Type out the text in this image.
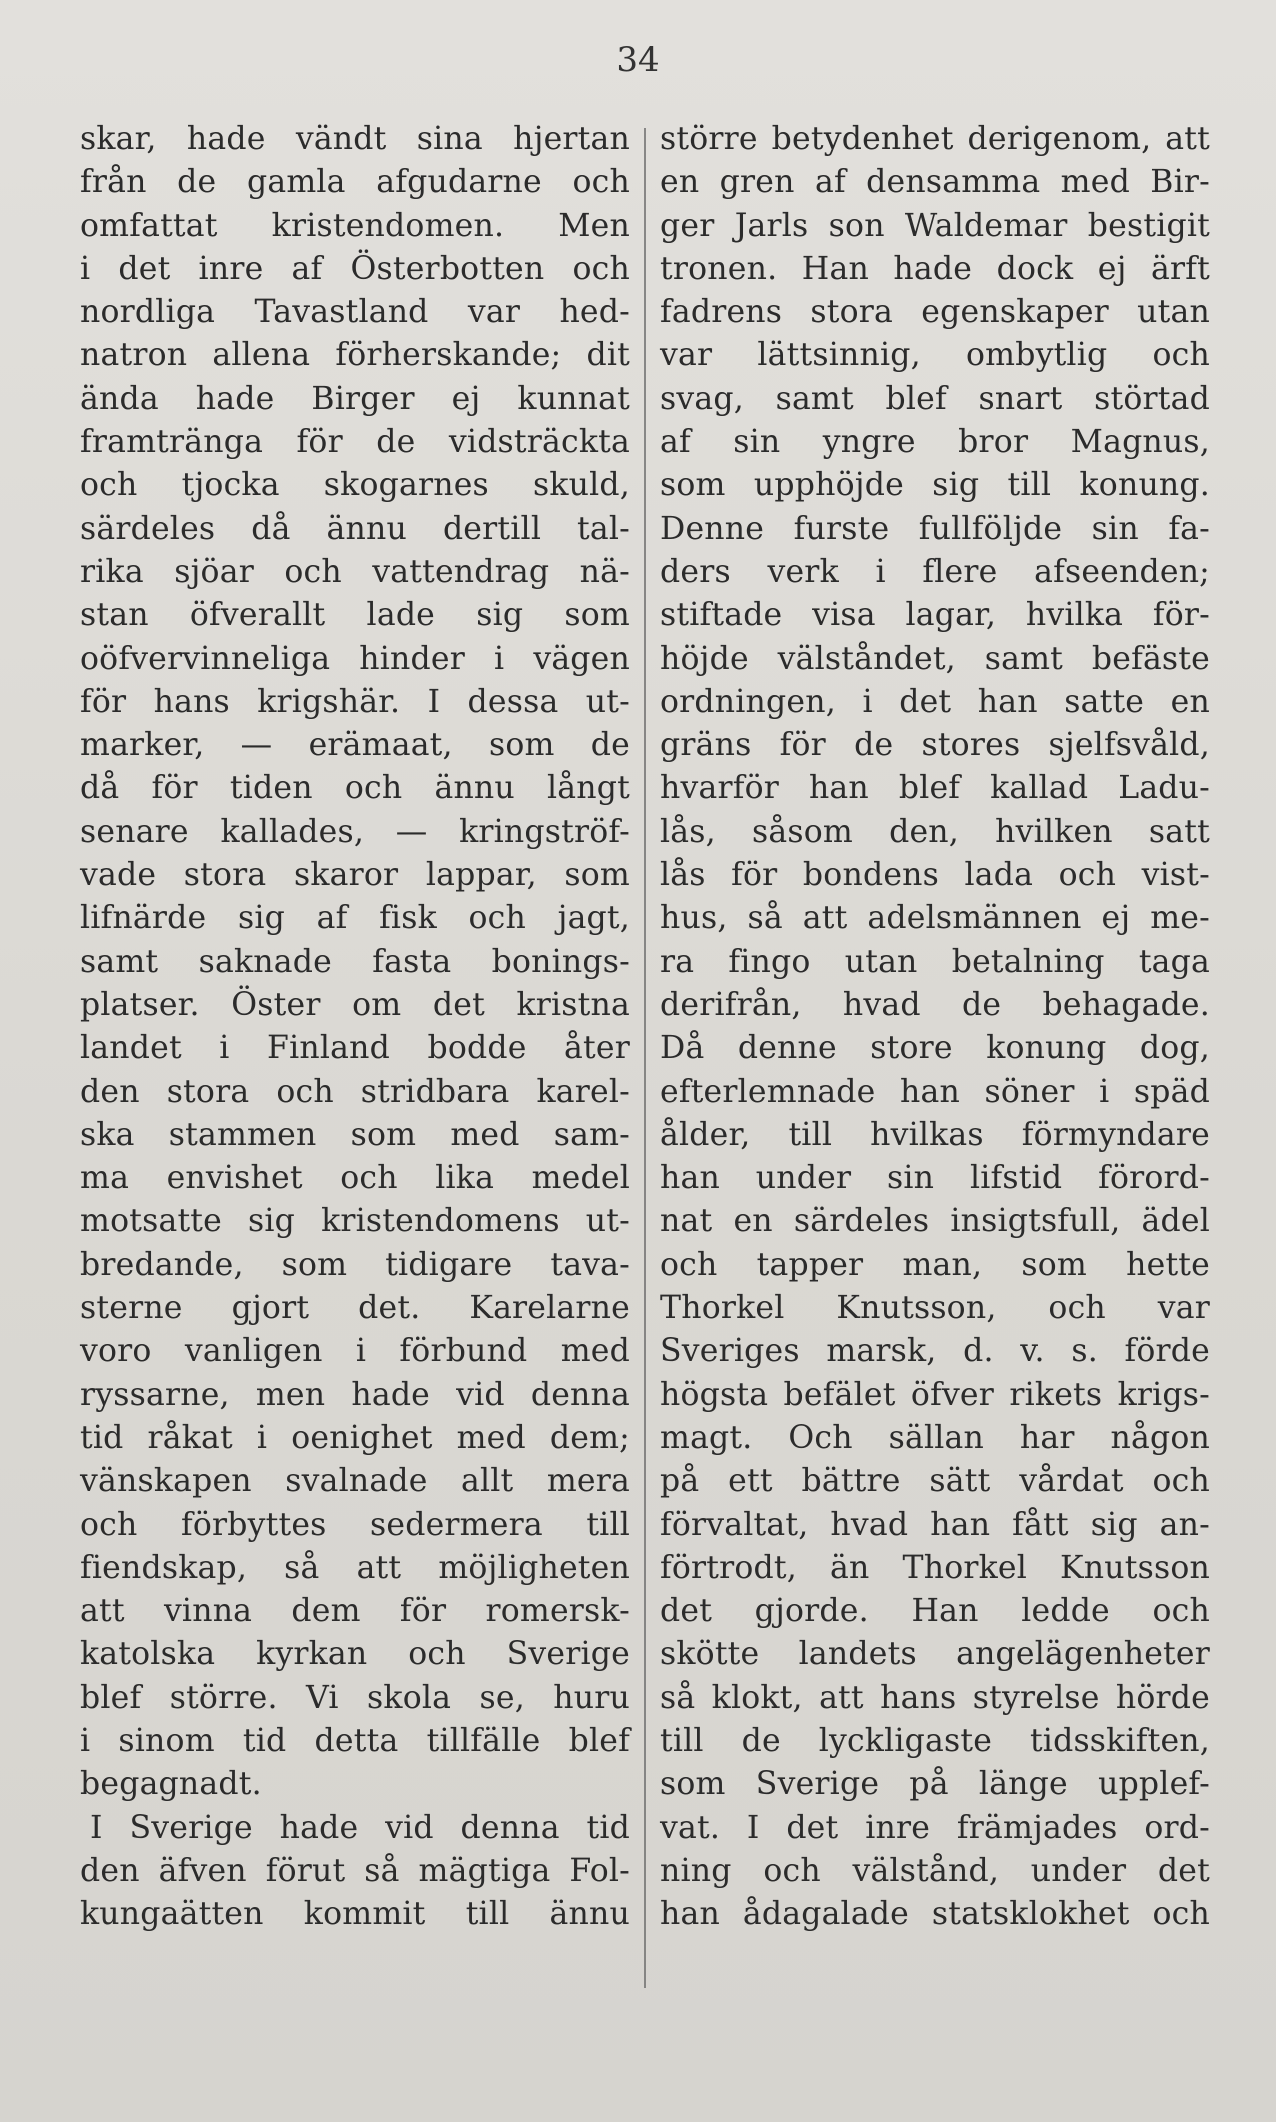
34
skar, hade vändt sina hjertan
från de gamla afgudarne och
omfattat kristendomen. Men
i det inre af Österbotten och
nordliga Tavastland var hed-
natron allena förherskande; dit
ända hade Birger ej kunnat
framtränga för de vidsträckta
och tjocka skogarnes skuld,
särdeles då ännu dertill tal-
rika sjöar och vattendrag nä-
stan öfverallt lade sig som
oöfvervinneliga hinder i vägen
för hans krigshär. I dessa ut-
marker, — erämaat, som de
då för tiden och ännu långt
senare kallades, — kringströf-
vade stora skaror lappar, som
lifnärde sig af fisk och jagt,
samt saknade fasta bonings-
platser. Öster om det kristna
landet i Finland bodde åter
den stora och stridbara karel-
ska stammen som med sam-
ma envishet och lika medel
motsatte sig kristendomens ut-
bredande, som tidigare tava-
sterne gjort det. Karelarne
voro vanligen i förbund med
ryssarne, men hade vid denna
tid råkat i oenighet med dem;
vänskapen svalnade allt mera
och förbyttes sedermera till
fiendskap, så att möjligheten
att vinna dem för romersk-
katolska kyrkan och Sverige
blef större. Vi skola se, huru
i sinom tid detta tillfälle blef
begagnadt.
I Sverige hade vid denna tid
den äfven förut så mägtiga Fol-
kungaätten kommit till ännu
större betydenhet derigenom, att
en gren af densamma med Bir-
ger Jarls son Waldemar bestigit
tronen. Han hade dock ej ärft
fadrens stora egenskaper utan
var lättsinnig, ombytlig och
svag, samt blef snart störtad
af sin yngre bror Magnus,
som upphöjde sig till konung.
Denne furste fullföljde sin fa-
ders verk i flere afseenden;
stiftade visa lagar, hvilka för-
höjde välståndet, samt befäste
ordningen, i det han satte en
gräns för de stores sjelfsvåld,
hvarför han blef kallad Ladu-
lås, såsom den, hvilken satt
lås för bondens lada och vist-
hus, så att adelsmännen ej me-
ra fingo utan betalning taga
derifrån, hvad de behagade.
Då denne store konung dog,
efterlemnade han söner i späd
ålder, till hvilkas förmyndare
han under sin lifstid förord-
nat en särdeles insigtsfull, ädel
och tapper man, som hette
Thorkel Knutsson, och var
Sveriges marsk, d. v. s. förde
högsta befälet öfver rikets krigs-
magt. Och sällan har någon
på ett bättre sätt vårdat och
förvaltat, hvad han fått sig an-
förtrodt, än Thorkel Knutsson
det gjorde. Han ledde och
skötte landets angelägenheter
så klokt, att hans styrelse hörde
till de lyckligaste tidsskiften,
som Sverige på länge upplef-
vat. I det inre främjades ord-
ning och välstånd, under det
han ådagalade statsklokhet och
